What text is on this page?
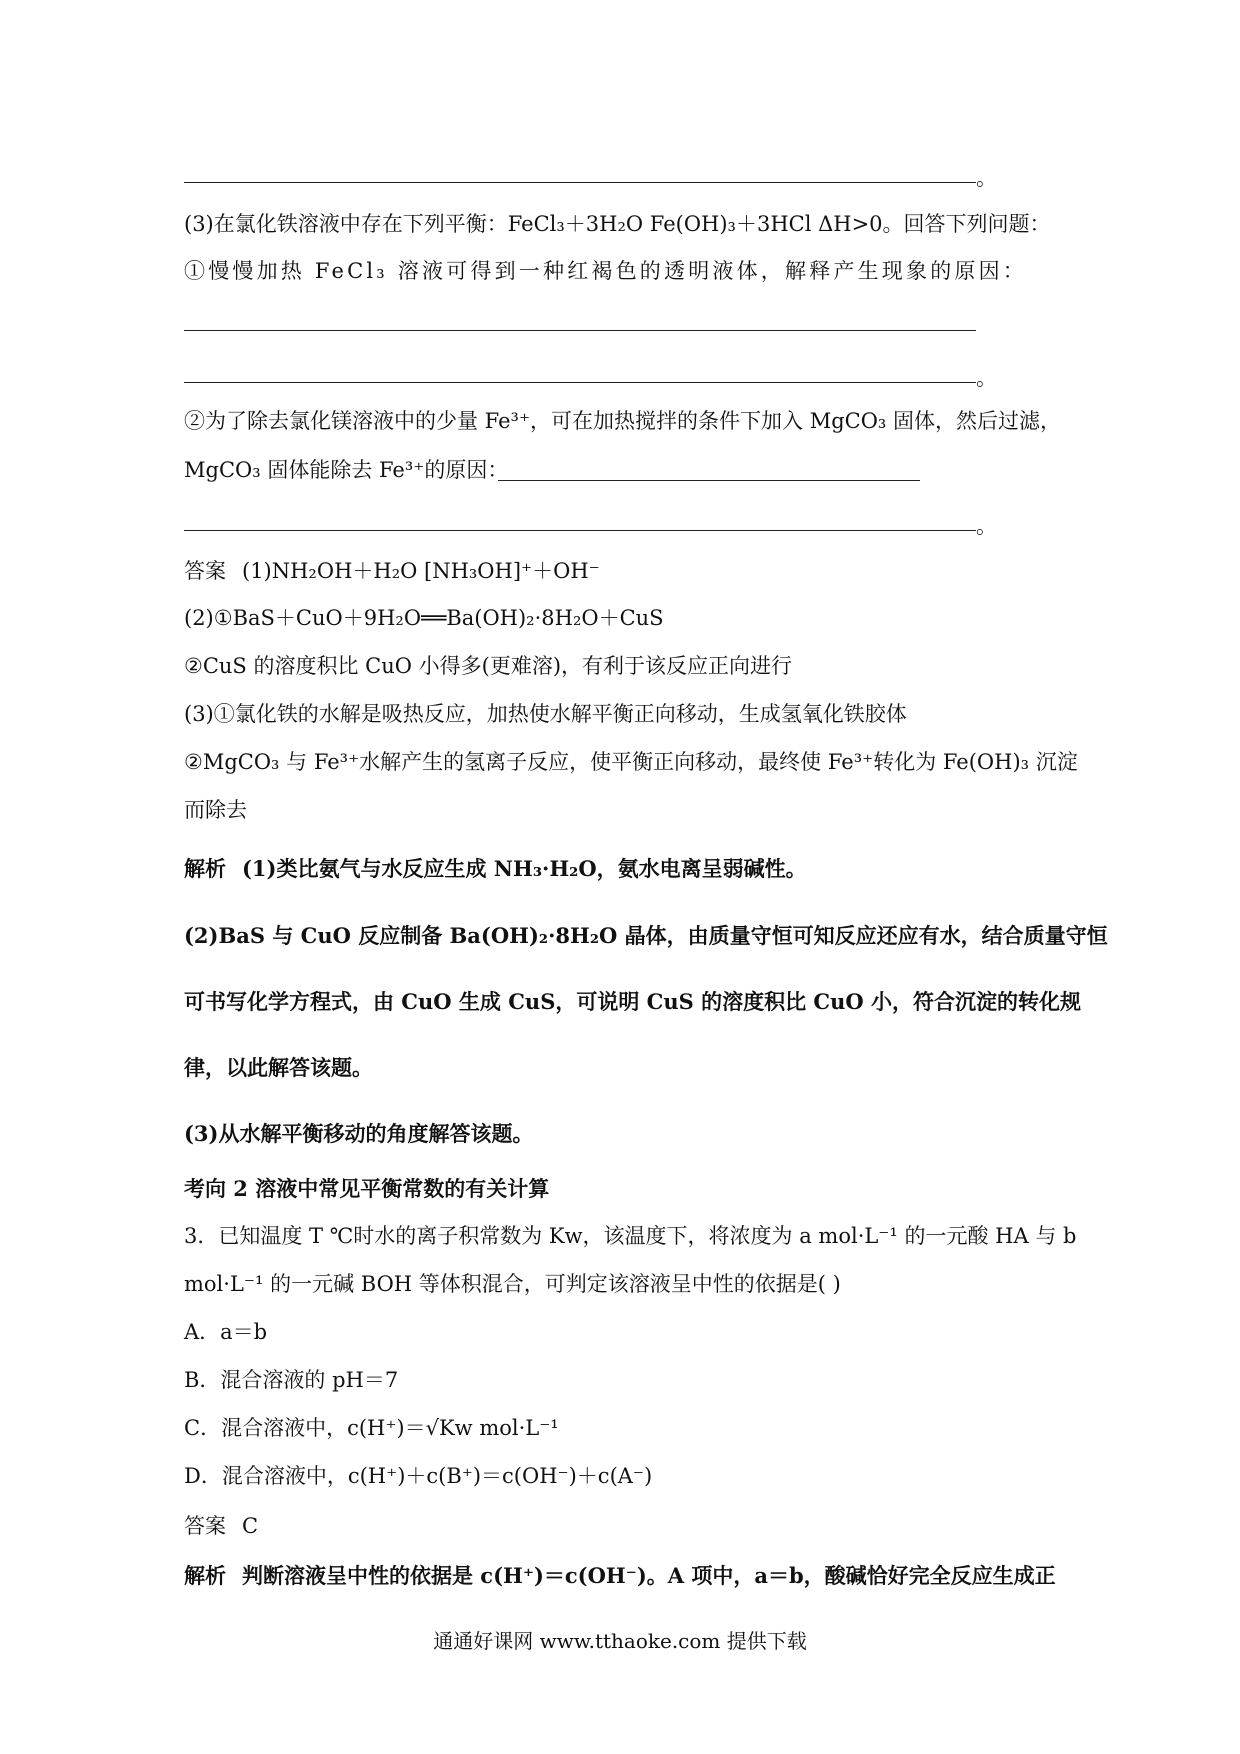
。
(3)在氯化铁溶液中存在下列平衡：FeCl₃＋3H₂O Fe(OH)₃＋3HCl ΔH>0。回答下列问题：
①慢慢加热 FeCl₃ 溶液可得到一种红褐色的透明液体，解释产生现象的原因：
。
②为了除去氯化镁溶液中的少量 Fe³⁺，可在加热搅拌的条件下加入 MgCO₃ 固体，然后过滤，
MgCO₃ 固体能除去 Fe³⁺的原因：
。
答案 (1)NH₂OH＋H₂O [NH₃OH]⁺＋OH⁻
(2)①BaS＋CuO＋9H₂O══Ba(OH)₂·8H₂O＋CuS
②CuS 的溶度积比 CuO 小得多(更难溶)，有利于该反应正向进行
(3)①氯化铁的水解是吸热反应，加热使水解平衡正向移动，生成氢氧化铁胶体
②MgCO₃ 与 Fe³⁺水解产生的氢离子反应，使平衡正向移动，最终使 Fe³⁺转化为 Fe(OH)₃ 沉淀
而除去
解析 (1)类比氨气与水反应生成 NH₃·H₂O，氨水电离呈弱碱性。
(2)BaS 与 CuO 反应制备 Ba(OH)₂·8H₂O 晶体，由质量守恒可知反应还应有水，结合质量守恒
可书写化学方程式，由 CuO 生成 CuS，可说明 CuS 的溶度积比 CuO 小，符合沉淀的转化规
律，以此解答该题。
(3)从水解平衡移动的角度解答该题。
考向 2 溶液中常见平衡常数的有关计算
3．已知温度 T ℃时水的离子积常数为 Kw，该温度下，将浓度为 a mol·L⁻¹ 的一元酸 HA 与 b
mol·L⁻¹ 的一元碱 BOH 等体积混合，可判定该溶液呈中性的依据是( )
A．a＝b
B．混合溶液的 pH＝7
C．混合溶液中，c(H⁺)＝√Kw mol·L⁻¹
D．混合溶液中，c(H⁺)＋c(B⁺)＝c(OH⁻)＋c(A⁻)
答案 C
解析 判断溶液呈中性的依据是 c(H⁺)＝c(OH⁻)。A 项中，a＝b，酸碱恰好完全反应生成正
通通好课网 www.tthaoke.com 提供下载
